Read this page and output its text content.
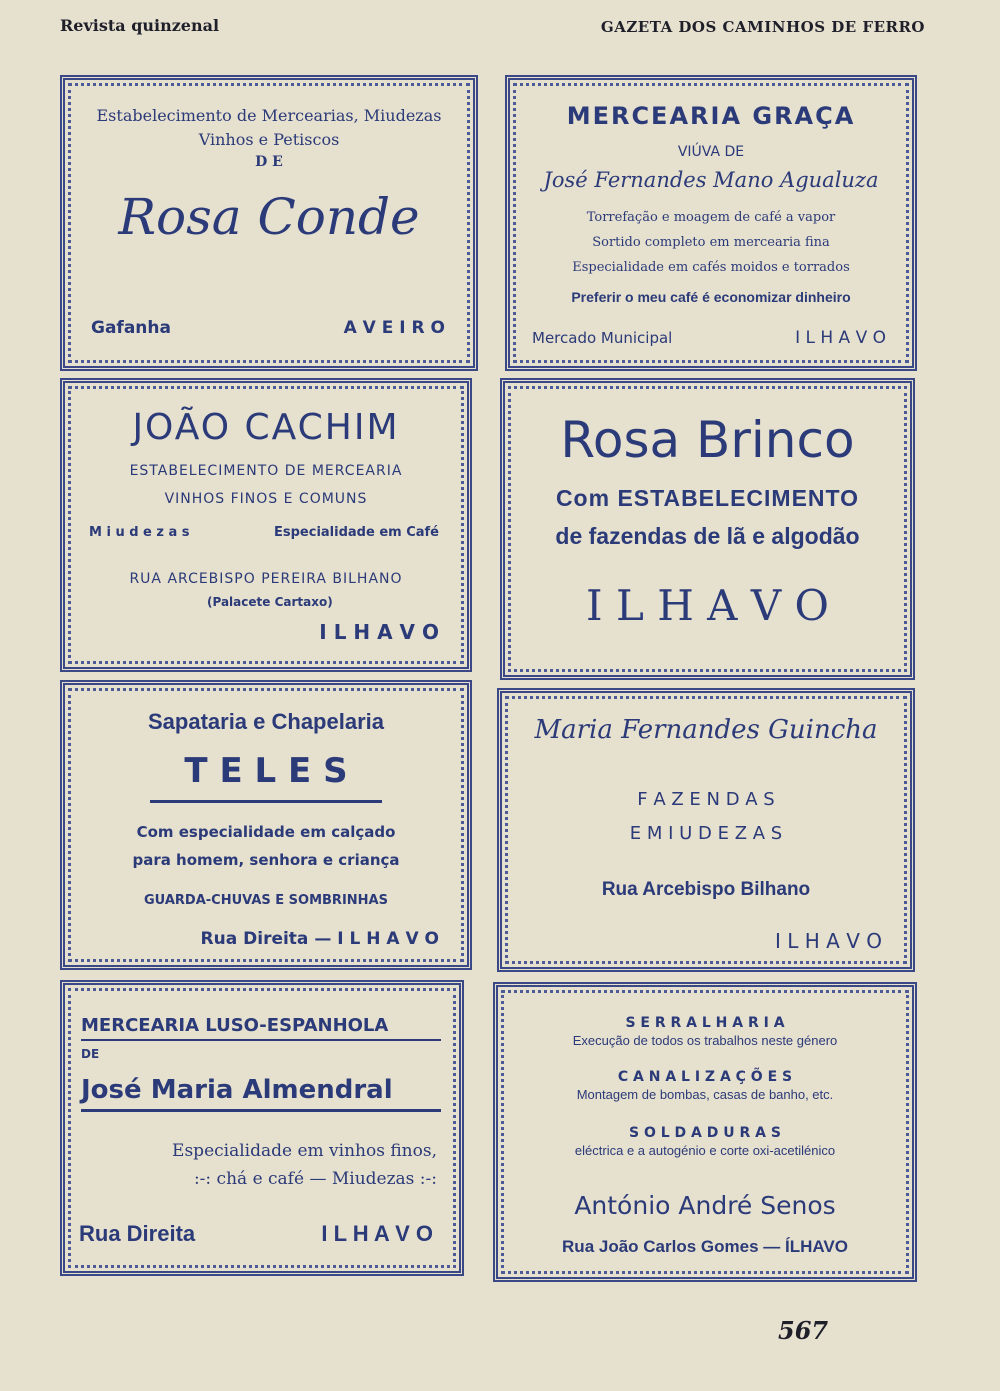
Revista quinzenal	GAZETA DOS CAMINHOS DE FERRO
Estabelecimento de Mercearias, Miudezas
Vinhos e Petiscos
D E
Rosa Conde
Gafanha	A V E I R O
MERCEARIA GRAÇA
VIÚVA DE
José Fernandes Mano Agualuza
Torrefação e moagem de café a vapor
Sortido completo em mercearia fina
Especialidade em cafés moidos e torrados
Preferir o meu café é economizar dinheiro
Mercado Municipal	I L H A V O
JOÃO CACHIM
ESTABELECIMENTO DE MERCEARIA
VINHOS FINOS E COMUNS
M i u d e z a s	Especialidade em Café
RUA ARCEBISPO PEREIRA BILHANO
(Palacete Cartaxo)
I L H A V O
Rosa Brinco
Com ESTABELECIMENTO
de fazendas de lã e algodão
I L H A V O
Sapataria e Chapelaria
T E L E S
Com especialidade em calçado
para homem, senhora e criança
GUARDA-CHUVAS E SOMBRINHAS
Rua Direita — I L H A V O
Maria Fernandes Guincha
F A Z E N D A S
E M I U D E Z A S
Rua Arcebispo Bilhano
I L H A V O
MERCEARIA LUSO-ESPANHOLA
DE
José Maria Almendral
Especialidade em vinhos finos,
:-: chá e café — Miudezas :-:
Rua Direita	I L H A V O
S E R R A L H A R I A
Execução de todos os trabalhos neste género
C A N A L I Z A Ç Õ E S
Montagem de bombas, casas de banho, etc.
S O L D A D U R A S
eléctrica e a autogénio e corte oxi-acetilénico
António André Senos
Rua João Carlos Gomes — ÍLHAVO
567
